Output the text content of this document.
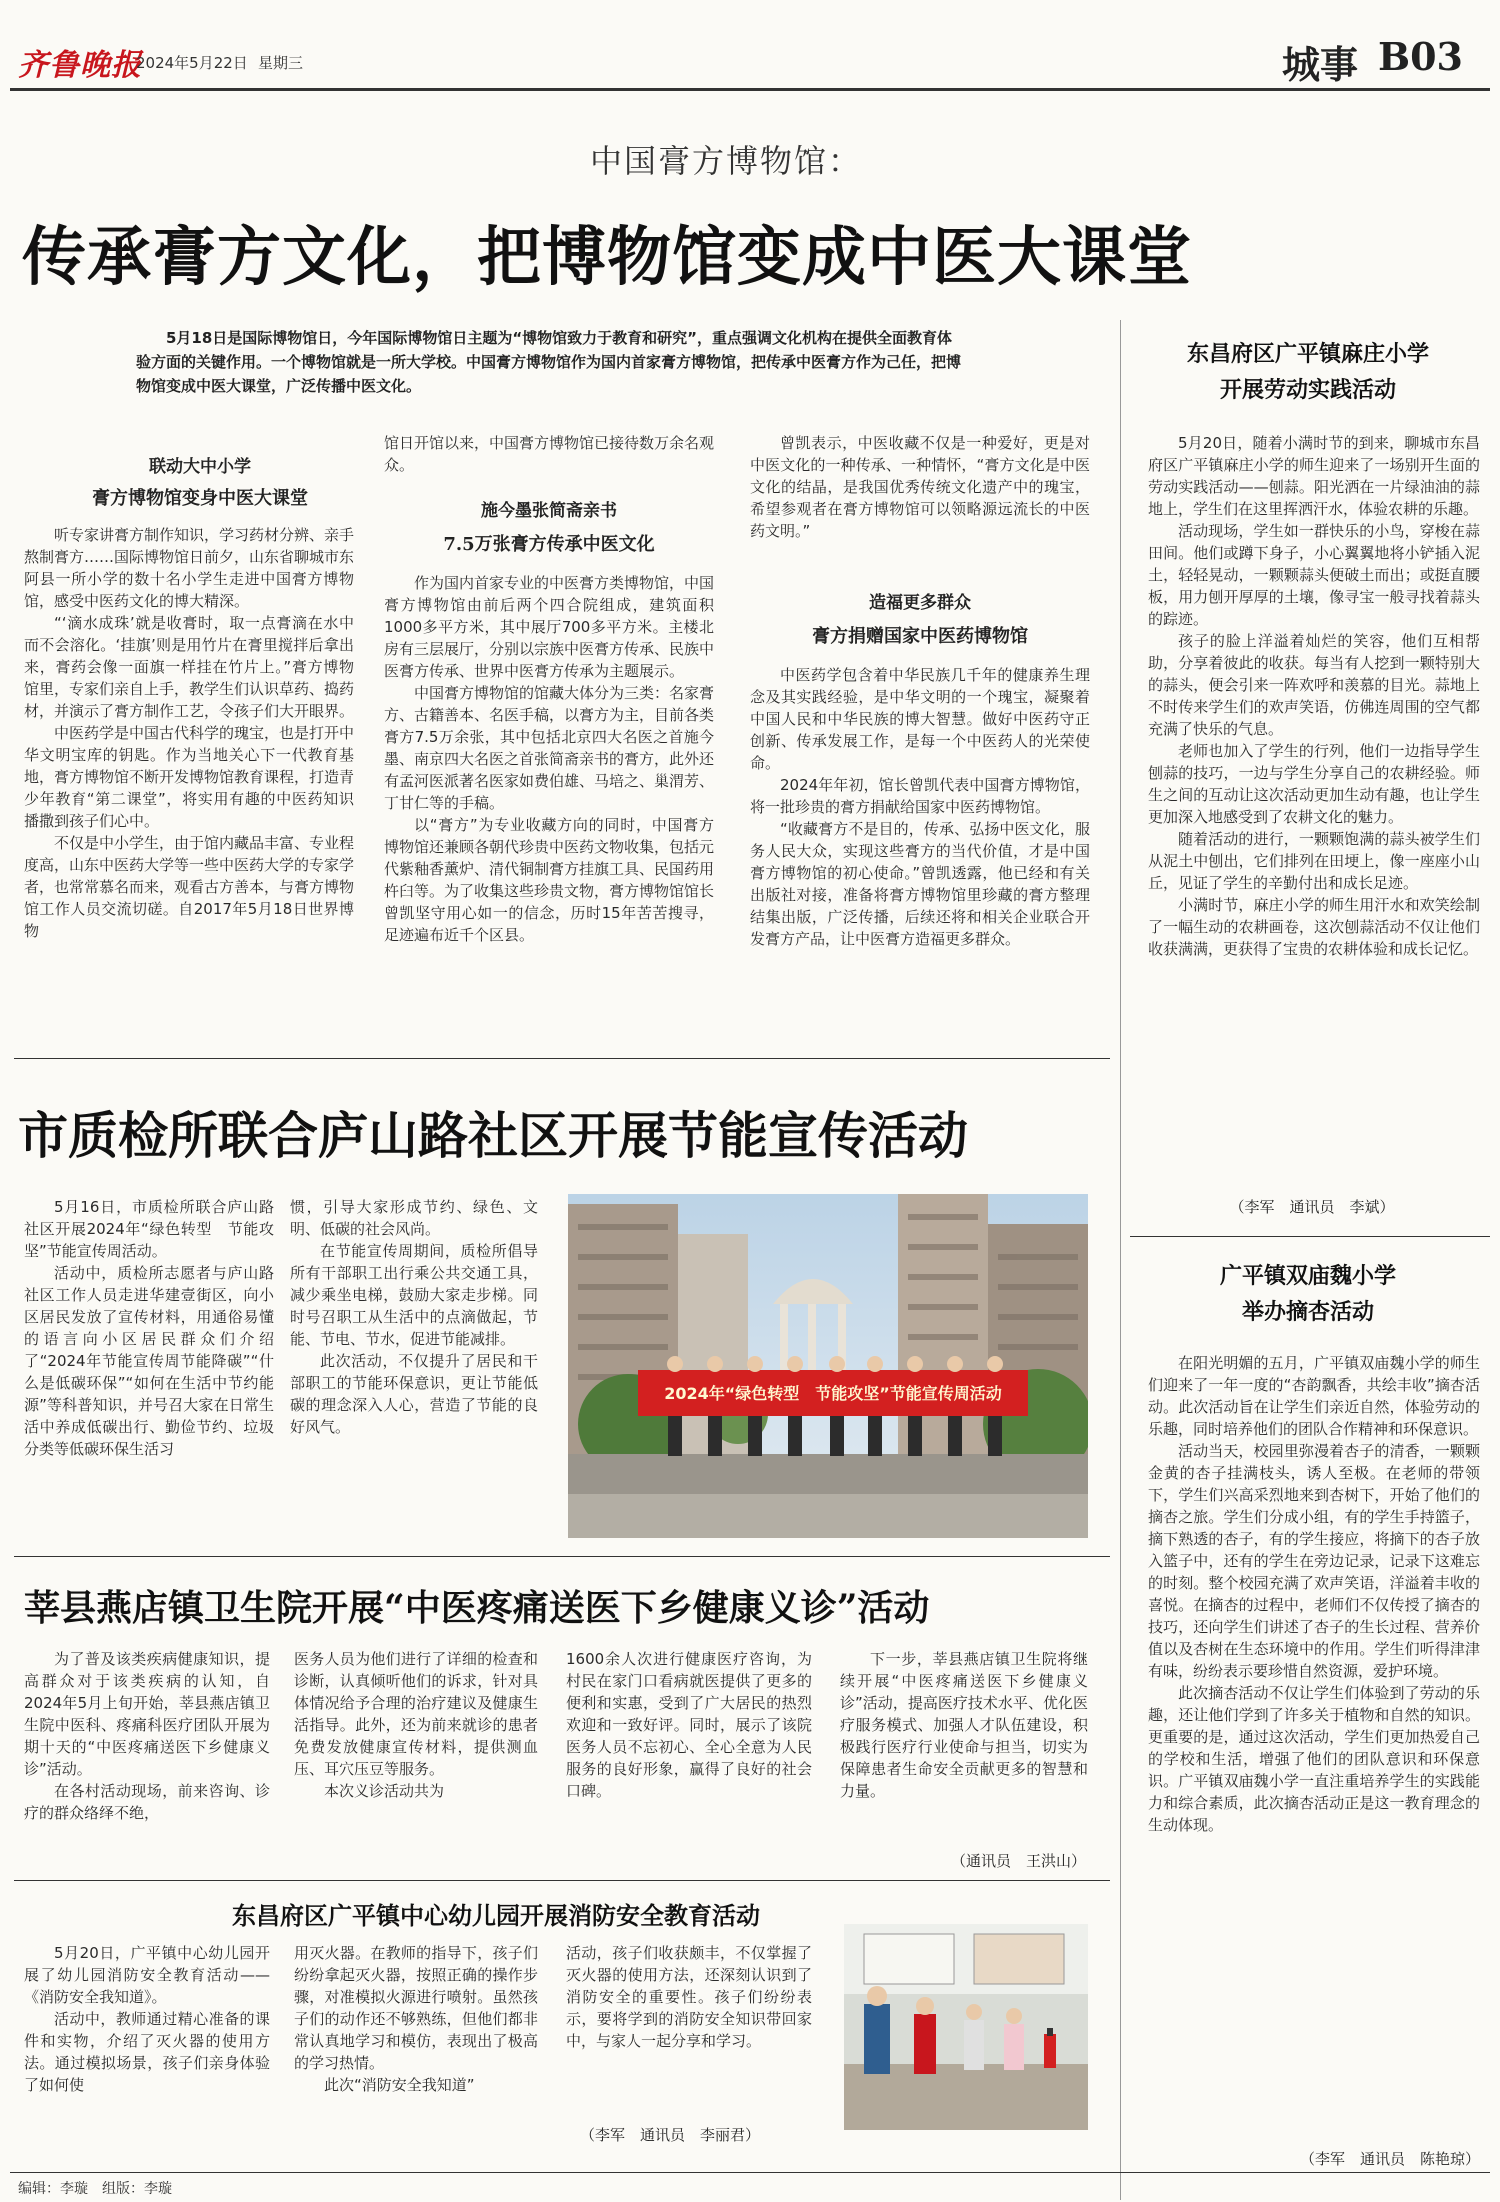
齐鲁晚报
2024年5月22日 星期三	城事 B03
中国膏方博物馆：
传承膏方文化，把博物馆变成中医大课堂
5月18日是国际博物馆日，今年国际博物馆日主题为“博物馆致力于教育和研究”，重点强调文化机构在提供全面教育体验方面的关键作用。一个博物馆就是一所大学校。中国膏方博物馆作为国内首家膏方博物馆，把传承中医膏方作为己任，把博物馆变成中医大课堂，广泛传播中医文化。
联动大中小学
膏方博物馆变身中医大课堂

听专家讲膏方制作知识，学习药材分辨、亲手熬制膏方……国际博物馆日前夕，山东省聊城市东阿县一所小学的数十名小学生走进中国膏方博物馆，感受中医药文化的博大精深。

“‘滴水成珠’就是收膏时，取一点膏滴在水中而不会溶化。‘挂旗’则是用竹片在膏里搅拌后拿出来，膏药会像一面旗一样挂在竹片上。”膏方博物馆里，专家们亲自上手，教学生们认识草药、捣药材，并演示了膏方制作工艺，令孩子们大开眼界。

中医药学是中国古代科学的瑰宝，也是打开中华文明宝库的钥匙。作为当地关心下一代教育基地，膏方博物馆不断开发博物馆教育课程，打造青少年教育“第二课堂”，将实用有趣的中医药知识播撒到孩子们心中。

不仅是中小学生，由于馆内藏品丰富、专业程度高，山东中医药大学等一些中医药大学的专家学者，也常常慕名而来，观看古方善本，与膏方博物馆工作人员交流切磋。自2017年5月18日世界博物

馆日开馆以来，中国膏方博物馆已接待数万余名观众。

施今墨张简斋亲书
7.5万张膏方传承中医文化

作为国内首家专业的中医膏方类博物馆，中国膏方博物馆由前后两个四合院组成，建筑面积1000多平方米，其中展厅700多平方米。主楼北房有三层展厅，分别以宗族中医膏方传承、民族中医膏方传承、世界中医膏方传承为主题展示。

中国膏方博物馆的馆藏大体分为三类：名家膏方、古籍善本、名医手稿，以膏方为主，目前各类膏方7.5万余张，其中包括北京四大名医之首施今墨、南京四大名医之首张简斋亲书的膏方，此外还有孟河医派著名医家如费伯雄、马培之、巢渭芳、丁甘仁等的手稿。

以“膏方”为专业收藏方向的同时，中国膏方博物馆还兼顾各朝代珍贵中医药文物收集，包括元代紫釉香薰炉、清代铜制膏方挂旗工具、民国药用杵臼等。为了收集这些珍贵文物，膏方博物馆馆长曾凯坚守用心如一的信念，历时15年苦苦搜寻，足迹遍布近千个区县。

曾凯表示，中医收藏不仅是一种爱好，更是对中医文化的一种传承、一种情怀，“膏方文化是中医文化的结晶，是我国优秀传统文化遗产中的瑰宝，希望参观者在膏方博物馆可以领略源远流长的中医药文明。”

造福更多群众
膏方捐赠国家中医药博物馆

中医药学包含着中华民族几千年的健康养生理念及其实践经验，是中华文明的一个瑰宝，凝聚着中国人民和中华民族的博大智慧。做好中医药守正创新、传承发展工作，是每一个中医药人的光荣使命。

2024年年初，馆长曾凯代表中国膏方博物馆，将一批珍贵的膏方捐献给国家中医药博物馆。

“收藏膏方不是目的，传承、弘扬中医文化，服务人民大众，实现这些膏方的当代价值，才是中国膏方博物馆的初心使命。”曾凯透露，他已经和有关出版社对接，准备将膏方博物馆里珍藏的膏方整理结集出版，广泛传播，后续还将和相关企业联合开发膏方产品，让中医膏方造福更多群众。

市质检所联合庐山路社区开展节能宣传活动

5月16日，市质检所联合庐山路社区开展2024年“绿色转型　节能攻坚”节能宣传周活动。

活动中，质检所志愿者与庐山路社区工作人员走进华建壹街区，向小区居民发放了宣传材料，用通俗易懂的语言向小区居民群众们介绍了“2024年节能宣传周节能降碳”“什么是低碳环保”“如何在生活中节约能源”等科普知识，并号召大家在日常生活中养成低碳出行、勤俭节约、垃圾分类等低碳环保生活习

惯，引导大家形成节约、绿色、文明、低碳的社会风尚。

在节能宣传周期间，质检所倡导所有干部职工出行乘公共交通工具，减少乘坐电梯，鼓励大家走步梯。同时号召职工从生活中的点滴做起，节能、节电、节水，促进节能减排。

此次活动，不仅提升了居民和干部职工的节能环保意识，更让节能低碳的理念深入人心，营造了节能的良好风气。

2024年“绿色转型　节能攻坚”节能宣传周活动
莘县燕店镇卫生院开展“中医疼痛送医下乡健康义诊”活动

为了普及该类疾病健康知识，提高群众对于该类疾病的认知，自2024年5月上旬开始，莘县燕店镇卫生院中医科、疼痛科医疗团队开展为期十天的“中医疼痛送医下乡健康义诊”活动。

在各村活动现场，前来咨询、诊疗的群众络绎不绝，

医务人员为他们进行了详细的检查和诊断，认真倾听他们的诉求，针对具体情况给予合理的治疗建议及健康生活指导。此外，还为前来就诊的患者免费发放健康宣传材料，提供测血压、耳穴压豆等服务。

本次义诊活动共为

1600余人次进行健康医疗咨询，为村民在家门口看病就医提供了更多的便利和实惠，受到了广大居民的热烈欢迎和一致好评。同时，展示了该院医务人员不忘初心、全心全意为人民服务的良好形象，赢得了良好的社会口碑。

下一步，莘县燕店镇卫生院将继续开展“中医疼痛送医下乡健康义诊”活动，提高医疗技术水平、优化医疗服务模式、加强人才队伍建设，积极践行医疗行业使命与担当，切实为保障患者生命安全贡献更多的智慧和力量。

（通讯员　王洪山）
东昌府区广平镇中心幼儿园开展消防安全教育活动

5月20日，广平镇中心幼儿园开展了幼儿园消防安全教育活动——《消防安全我知道》。

活动中，教师通过精心准备的课件和实物，介绍了灭火器的使用方法。通过模拟场景，孩子们亲身体验了如何使

用灭火器。在教师的指导下，孩子们纷纷拿起灭火器，按照正确的操作步骤，对准模拟火源进行喷射。虽然孩子们的动作还不够熟练，但他们都非常认真地学习和模仿，表现出了极高的学习热情。

此次“消防安全我知道”

活动，孩子们收获颇丰，不仅掌握了灭火器的使用方法，还深刻认识到了消防安全的重要性。孩子们纷纷表示，要将学到的消防安全知识带回家中，与家人一起分享和学习。

（李军　通讯员　李丽君）
东昌府区广平镇麻庄小学
开展劳动实践活动

5月20日，随着小满时节的到来，聊城市东昌府区广平镇麻庄小学的师生迎来了一场别开生面的劳动实践活动——刨蒜。阳光洒在一片绿油油的蒜地上，学生们在这里挥洒汗水，体验农耕的乐趣。

活动现场，学生如一群快乐的小鸟，穿梭在蒜田间。他们或蹲下身子，小心翼翼地将小铲插入泥土，轻轻晃动，一颗颗蒜头便破土而出；或挺直腰板，用力刨开厚厚的土壤，像寻宝一般寻找着蒜头的踪迹。

孩子的脸上洋溢着灿烂的笑容，他们互相帮助，分享着彼此的收获。每当有人挖到一颗特别大的蒜头，便会引来一阵欢呼和羡慕的目光。蒜地上不时传来学生们的欢声笑语，仿佛连周围的空气都充满了快乐的气息。

老师也加入了学生的行列，他们一边指导学生刨蒜的技巧，一边与学生分享自己的农耕经验。师生之间的互动让这次活动更加生动有趣，也让学生更加深入地感受到了农耕文化的魅力。

随着活动的进行，一颗颗饱满的蒜头被学生们从泥土中刨出，它们排列在田埂上，像一座座小山丘，见证了学生的辛勤付出和成长足迹。

小满时节，麻庄小学的师生用汗水和欢笑绘制了一幅生动的农耕画卷，这次刨蒜活动不仅让他们收获满满，更获得了宝贵的农耕体验和成长记忆。

（李军　通讯员　李斌）
广平镇双庙魏小学
举办摘杏活动

在阳光明媚的五月，广平镇双庙魏小学的师生们迎来了一年一度的“杏韵飘香，共绘丰收”摘杏活动。此次活动旨在让学生们亲近自然，体验劳动的乐趣，同时培养他们的团队合作精神和环保意识。

活动当天，校园里弥漫着杏子的清香，一颗颗金黄的杏子挂满枝头，诱人至极。在老师的带领下，学生们兴高采烈地来到杏树下，开始了他们的摘杏之旅。学生们分成小组，有的学生手持篮子，摘下熟透的杏子，有的学生接应，将摘下的杏子放入篮子中，还有的学生在旁边记录，记录下这难忘的时刻。整个校园充满了欢声笑语，洋溢着丰收的喜悦。在摘杏的过程中，老师们不仅传授了摘杏的技巧，还向学生们讲述了杏子的生长过程、营养价值以及杏树在生态环境中的作用。学生们听得津津有味，纷纷表示要珍惜自然资源，爱护环境。

此次摘杏活动不仅让学生们体验到了劳动的乐趣，还让他们学到了许多关于植物和自然的知识。更重要的是，通过这次活动，学生们更加热爱自己的学校和生活，增强了他们的团队意识和环保意识。广平镇双庙魏小学一直注重培养学生的实践能力和综合素质，此次摘杏活动正是这一教育理念的生动体现。

（李军　通讯员　陈艳琼）
编辑：李璇　组版：李璇
